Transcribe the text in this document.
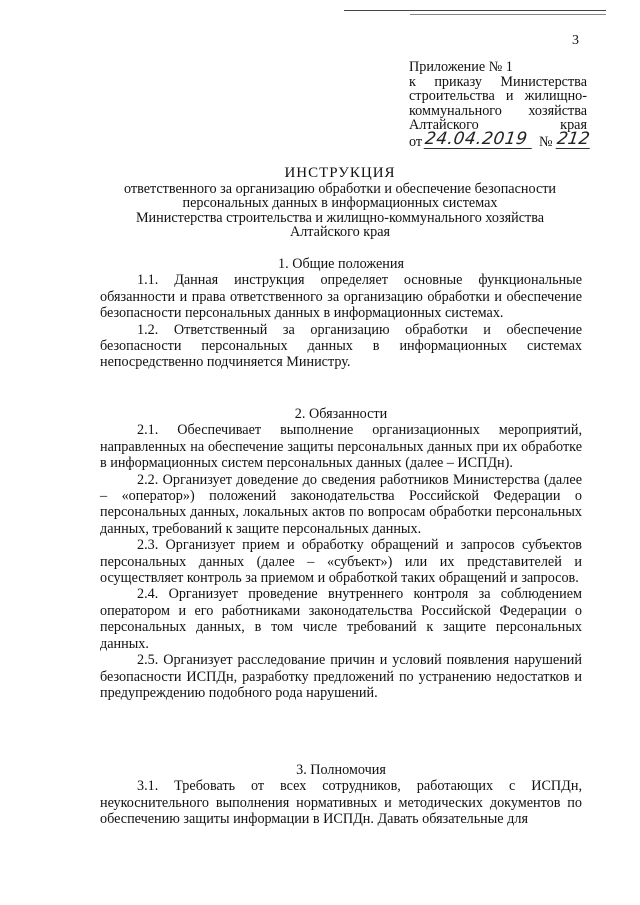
3
Приложение № 1
к приказу Министерства
строительства и жилищно-
коммунального хозяйства
Алтайского края
от 24.04.2019 № 212
ИНСТРУКЦИЯ
ответственного за организацию обработки и обеспечение безопасности
персональных данных в информационных системах
Министерства строительства и жилищно-коммунального хозяйства
Алтайского края
1. Общие положения

1.1. Данная инструкция определяет основные функциональные обязанности и права ответственного за организацию обработки и обеспечение безопасности персональных данных в информационных системах.

1.2. Ответственный за организацию обработки и обеспечение безопасности персональных данных в информационных системах непосредственно подчиняется Министру.

2. Обязанности

2.1. Обеспечивает выполнение организационных мероприятий, направленных на обеспечение защиты персональных данных при их обработке в информационных систем персональных данных (далее – ИСПДн).

2.2. Организует доведение до сведения работников Министерства (далее – «оператор») положений законодательства Российской Федерации о персональных данных, локальных актов по вопросам обработки персональных данных, требований к защите персональных данных.

2.3. Организует прием и обработку обращений и запросов субъектов персональных данных (далее – «субъект») или их представителей и осуществляет контроль за приемом и обработкой таких обращений и запросов.

2.4. Организует проведение внутреннего контроля за соблюдением оператором и его работниками законодательства Российской Федерации о персональных данных, в том числе требований к защите персональных данных.

2.5. Организует расследование причин и условий появления нарушений безопасности ИСПДн, разработку предложений по устранению недостатков и предупреждению подобного рода нарушений.

3. Полномочия

3.1. Требовать от всех сотрудников, работающих с ИСПДн, неукоснительного выполнения нормативных и методических документов по обеспечению защиты информации в ИСПДн. Давать обязательные для
